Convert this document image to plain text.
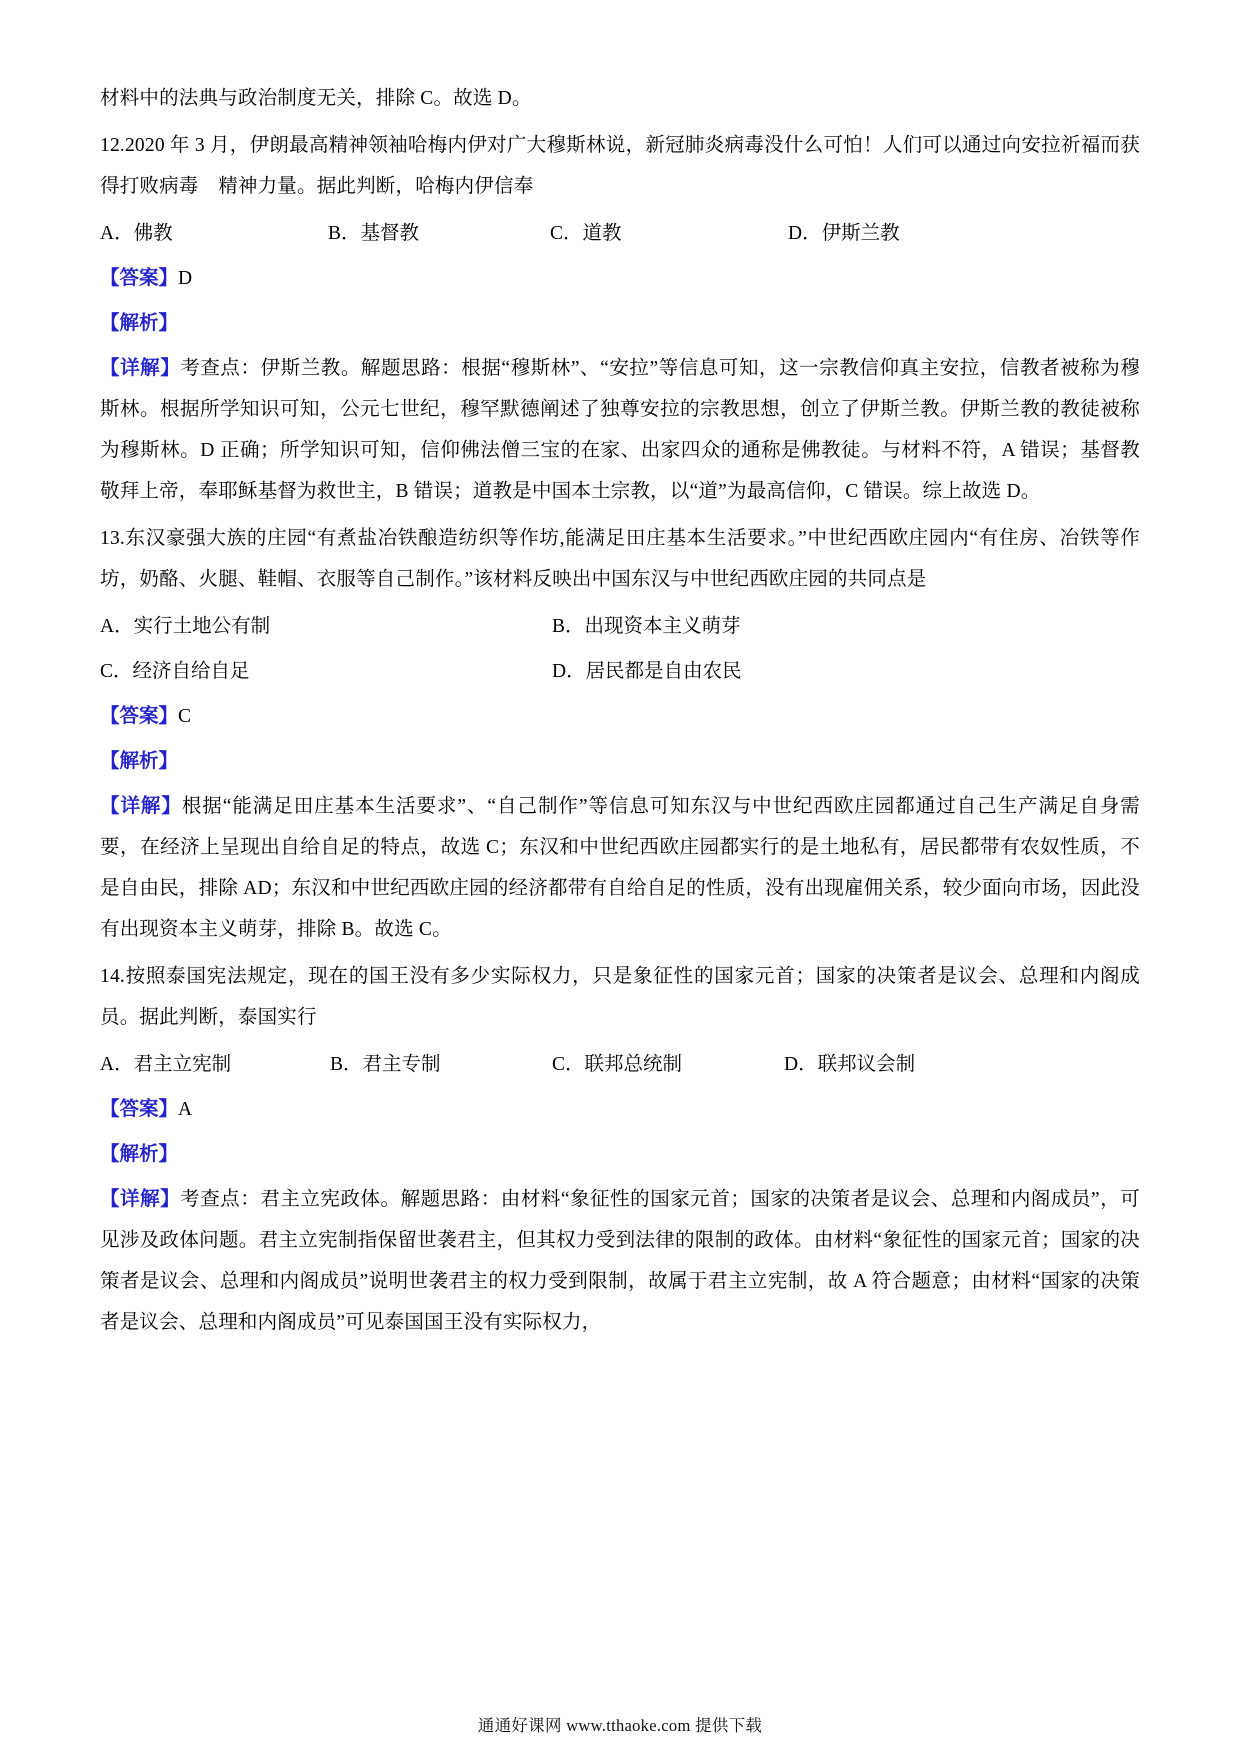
材料中的法典与政治制度无关，排除 C。故选 D。

12.2020 年 3 月，伊朗最高精神领袖哈梅内伊对广大穆斯林说，新冠肺炎病毒没什么可怕！人们可以通过向安拉祈福而获得打败病毒　精神力量。据此判断，哈梅内伊信奉

A．佛教	B．基督教	C．道教	D．伊斯兰教

【答案】D

【解析】

【详解】考查点：伊斯兰教。解题思路：根据“穆斯林”、“安拉”等信息可知，这一宗教信仰真主安拉，信教者被称为穆斯林。根据所学知识可知，公元七世纪，穆罕默德阐述了独尊安拉的宗教思想，创立了伊斯兰教。伊斯兰教的教徒被称为穆斯林。D 正确；所学知识可知，信仰佛法僧三宝的在家、出家四众的通称是佛教徒。与材料不符，A 错误；基督教敬拜上帝，奉耶稣基督为救世主，B 错误；道教是中国本土宗教，以“道”为最高信仰，C 错误。综上故选 D。

13.东汉豪强大族的庄园“有煮盐冶铁酿造纺织等作坊,能满足田庄基本生活要求。”中世纪西欧庄园内“有住房、冶铁等作坊，奶酪、火腿、鞋帽、衣服等自己制作。”该材料反映出中国东汉与中世纪西欧庄园的共同点是

A．实行土地公有制	B．出现资本主义萌芽
C．经济自给自足	D．居民都是自由农民

【答案】C

【解析】

【详解】根据“能满足田庄基本生活要求”、“自己制作”等信息可知东汉与中世纪西欧庄园都通过自己生产满足自身需要，在经济上呈现出自给自足的特点，故选 C；东汉和中世纪西欧庄园都实行的是土地私有，居民都带有农奴性质，不是自由民，排除 AD；东汉和中世纪西欧庄园的经济都带有自给自足的性质，没有出现雇佣关系，较少面向市场，因此没有出现资本主义萌芽，排除 B。故选 C。

14.按照泰国宪法规定，现在的国王没有多少实际权力，只是象征性的国家元首；国家的决策者是议会、总理和内阁成员。据此判断，泰国实行

A．君主立宪制	B．君主专制	C．联邦总统制	D．联邦议会制

【答案】A

【解析】

【详解】考查点：君主立宪政体。解题思路：由材料“象征性的国家元首；国家的决策者是议会、总理和内阁成员”，可见涉及政体问题。君主立宪制指保留世袭君主，但其权力受到法律的限制的政体。由材料“象征性的国家元首；国家的决策者是议会、总理和内阁成员”说明世袭君主的权力受到限制，故属于君主立宪制，故 A 符合题意；由材料“国家的决策者是议会、总理和内阁成员”可见泰国国王没有实际权力，

通通好课网 www.tthaoke.com 提供下载
